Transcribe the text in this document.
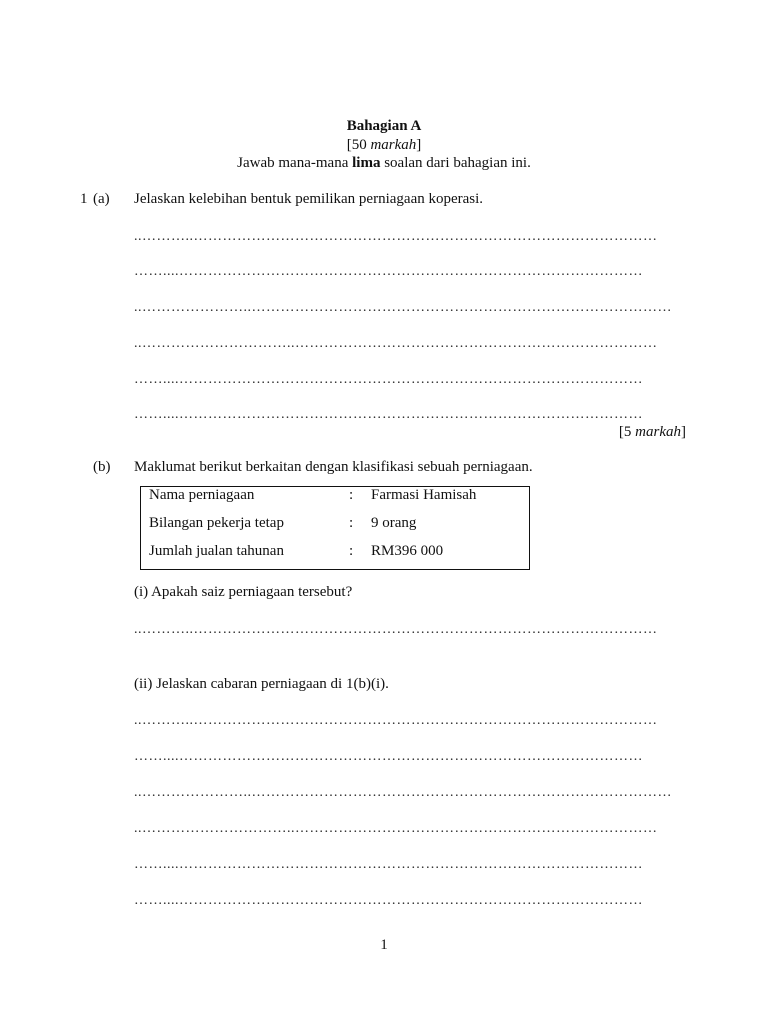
Bahagian A
[50 markah]
Jawab mana-mana lima soalan dari bahagian ini.
1 (a) Jelaskan kelebihan bentuk pemilikan perniagaan koperasi.
..………..……………………………………………………………………………………
……....……………………………………………………………………………………
..…………………..……………………………………………………………………………
..…………………………..…………………………………………………………………
……....……………………………………………………………………………………
……....……………………………………………………………………………………
[5 markah]
(b) Maklumat berikut berkaitan dengan klasifikasi sebuah perniagaan.
Nama perniagaan	: Farmasi Hamisah
Bilangan pekerja tetap	: 9 orang
Jumlah jualan tahunan	: RM396 000
(i) Apakah saiz perniagaan tersebut?
..………..……………………………………………………………………………………
(ii) Jelaskan cabaran perniagaan di 1(b)(i).
..………..……………………………………………………………………………………
……....……………………………………………………………………………………
..…………………..……………………………………………………………………………
..…………………………..…………………………………………………………………
……....……………………………………………………………………………………
……....……………………………………………………………………………………
1
